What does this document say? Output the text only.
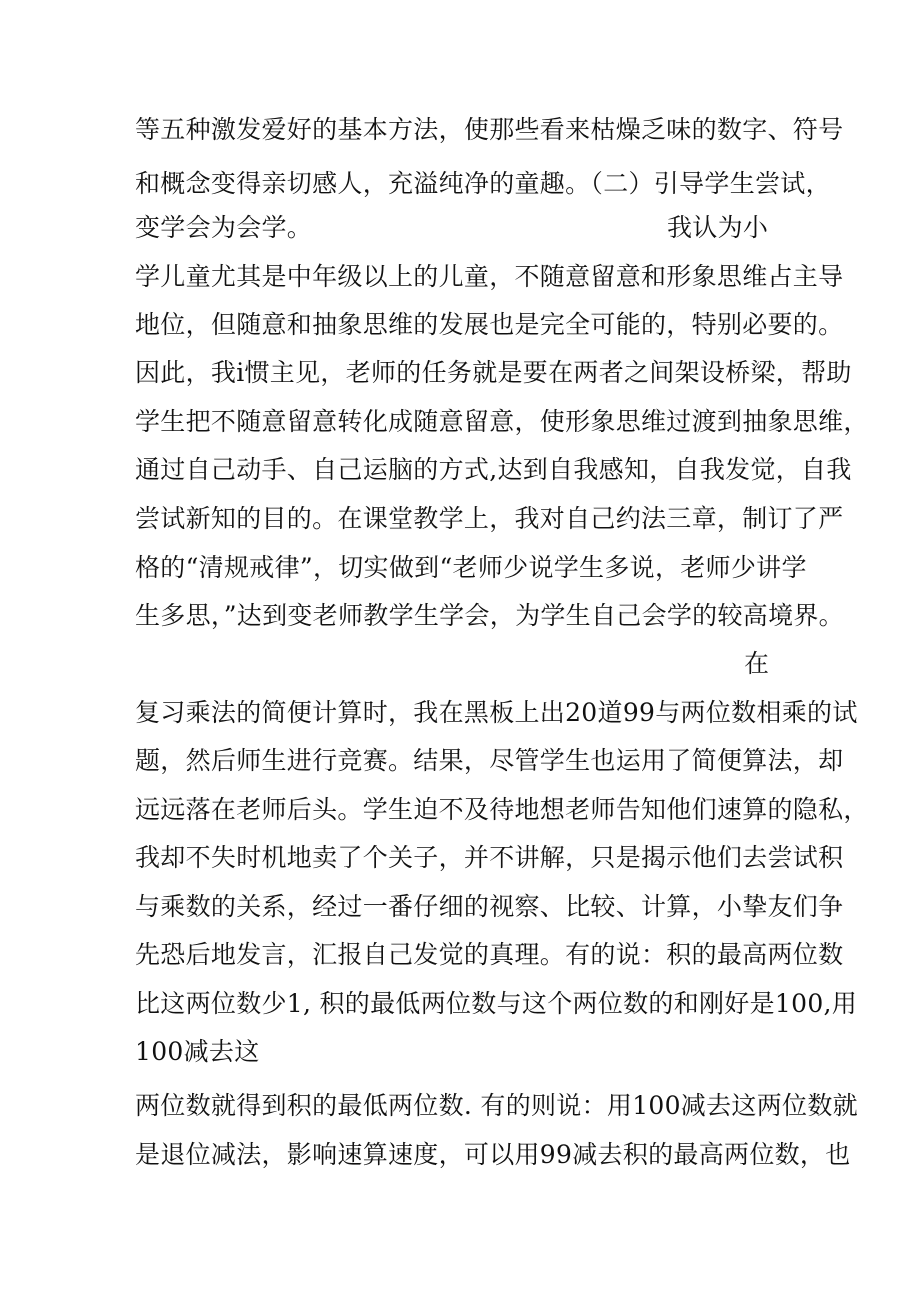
等五种激发爱好的基本方法，使那些看来枯燥乏味的数字、符号
和概念变得亲切感人，充溢纯净的童趣。（二）引导学生尝试，
变学会为会学。	我认为小
学儿童尤其是中年级以上的儿童，不随意留意和形象思维占主导
地位，但随意和抽象思维的发展也是完全可能的，特别必要的。
因此，我i惯主见，老师的任务就是要在两者之间架设桥梁，帮助
学生把不随意留意转化成随意留意，使形象思维过渡到抽象思维，
通过自己动手、自己运脑的方式,达到自我感知，自我发觉，自我
尝试新知的目的。在课堂教学上，我对自己约法三章，制订了严
格的“清规戒律”，切实做到“老师少说学生多说，老师少讲学
生多思，”达到变老师教学生学会，为学生自己会学的较高境界。
在
复习乘法的简便计算时，我在黑板上出20道99与两位数相乘的试
题，然后师生进行竞赛。结果，尽管学生也运用了简便算法，却
远远落在老师后头。学生迫不及待地想老师告知他们速算的隐私，
我却不失时机地卖了个关子，并不讲解，只是揭示他们去尝试积
与乘数的关系，经过一番仔细的视察、比较、计算，小挚友们争
先恐后地发言，汇报自己发觉的真理。有的说：积的最高两位数
比这两位数少1, 积的最低两位数与这个两位数的和刚好是100,用
100减去这
两位数就得到积的最低两位数. 有的则说：用100减去这两位数就
是退位减法，影响速算速度，可以用99减去积的最高两位数，也
